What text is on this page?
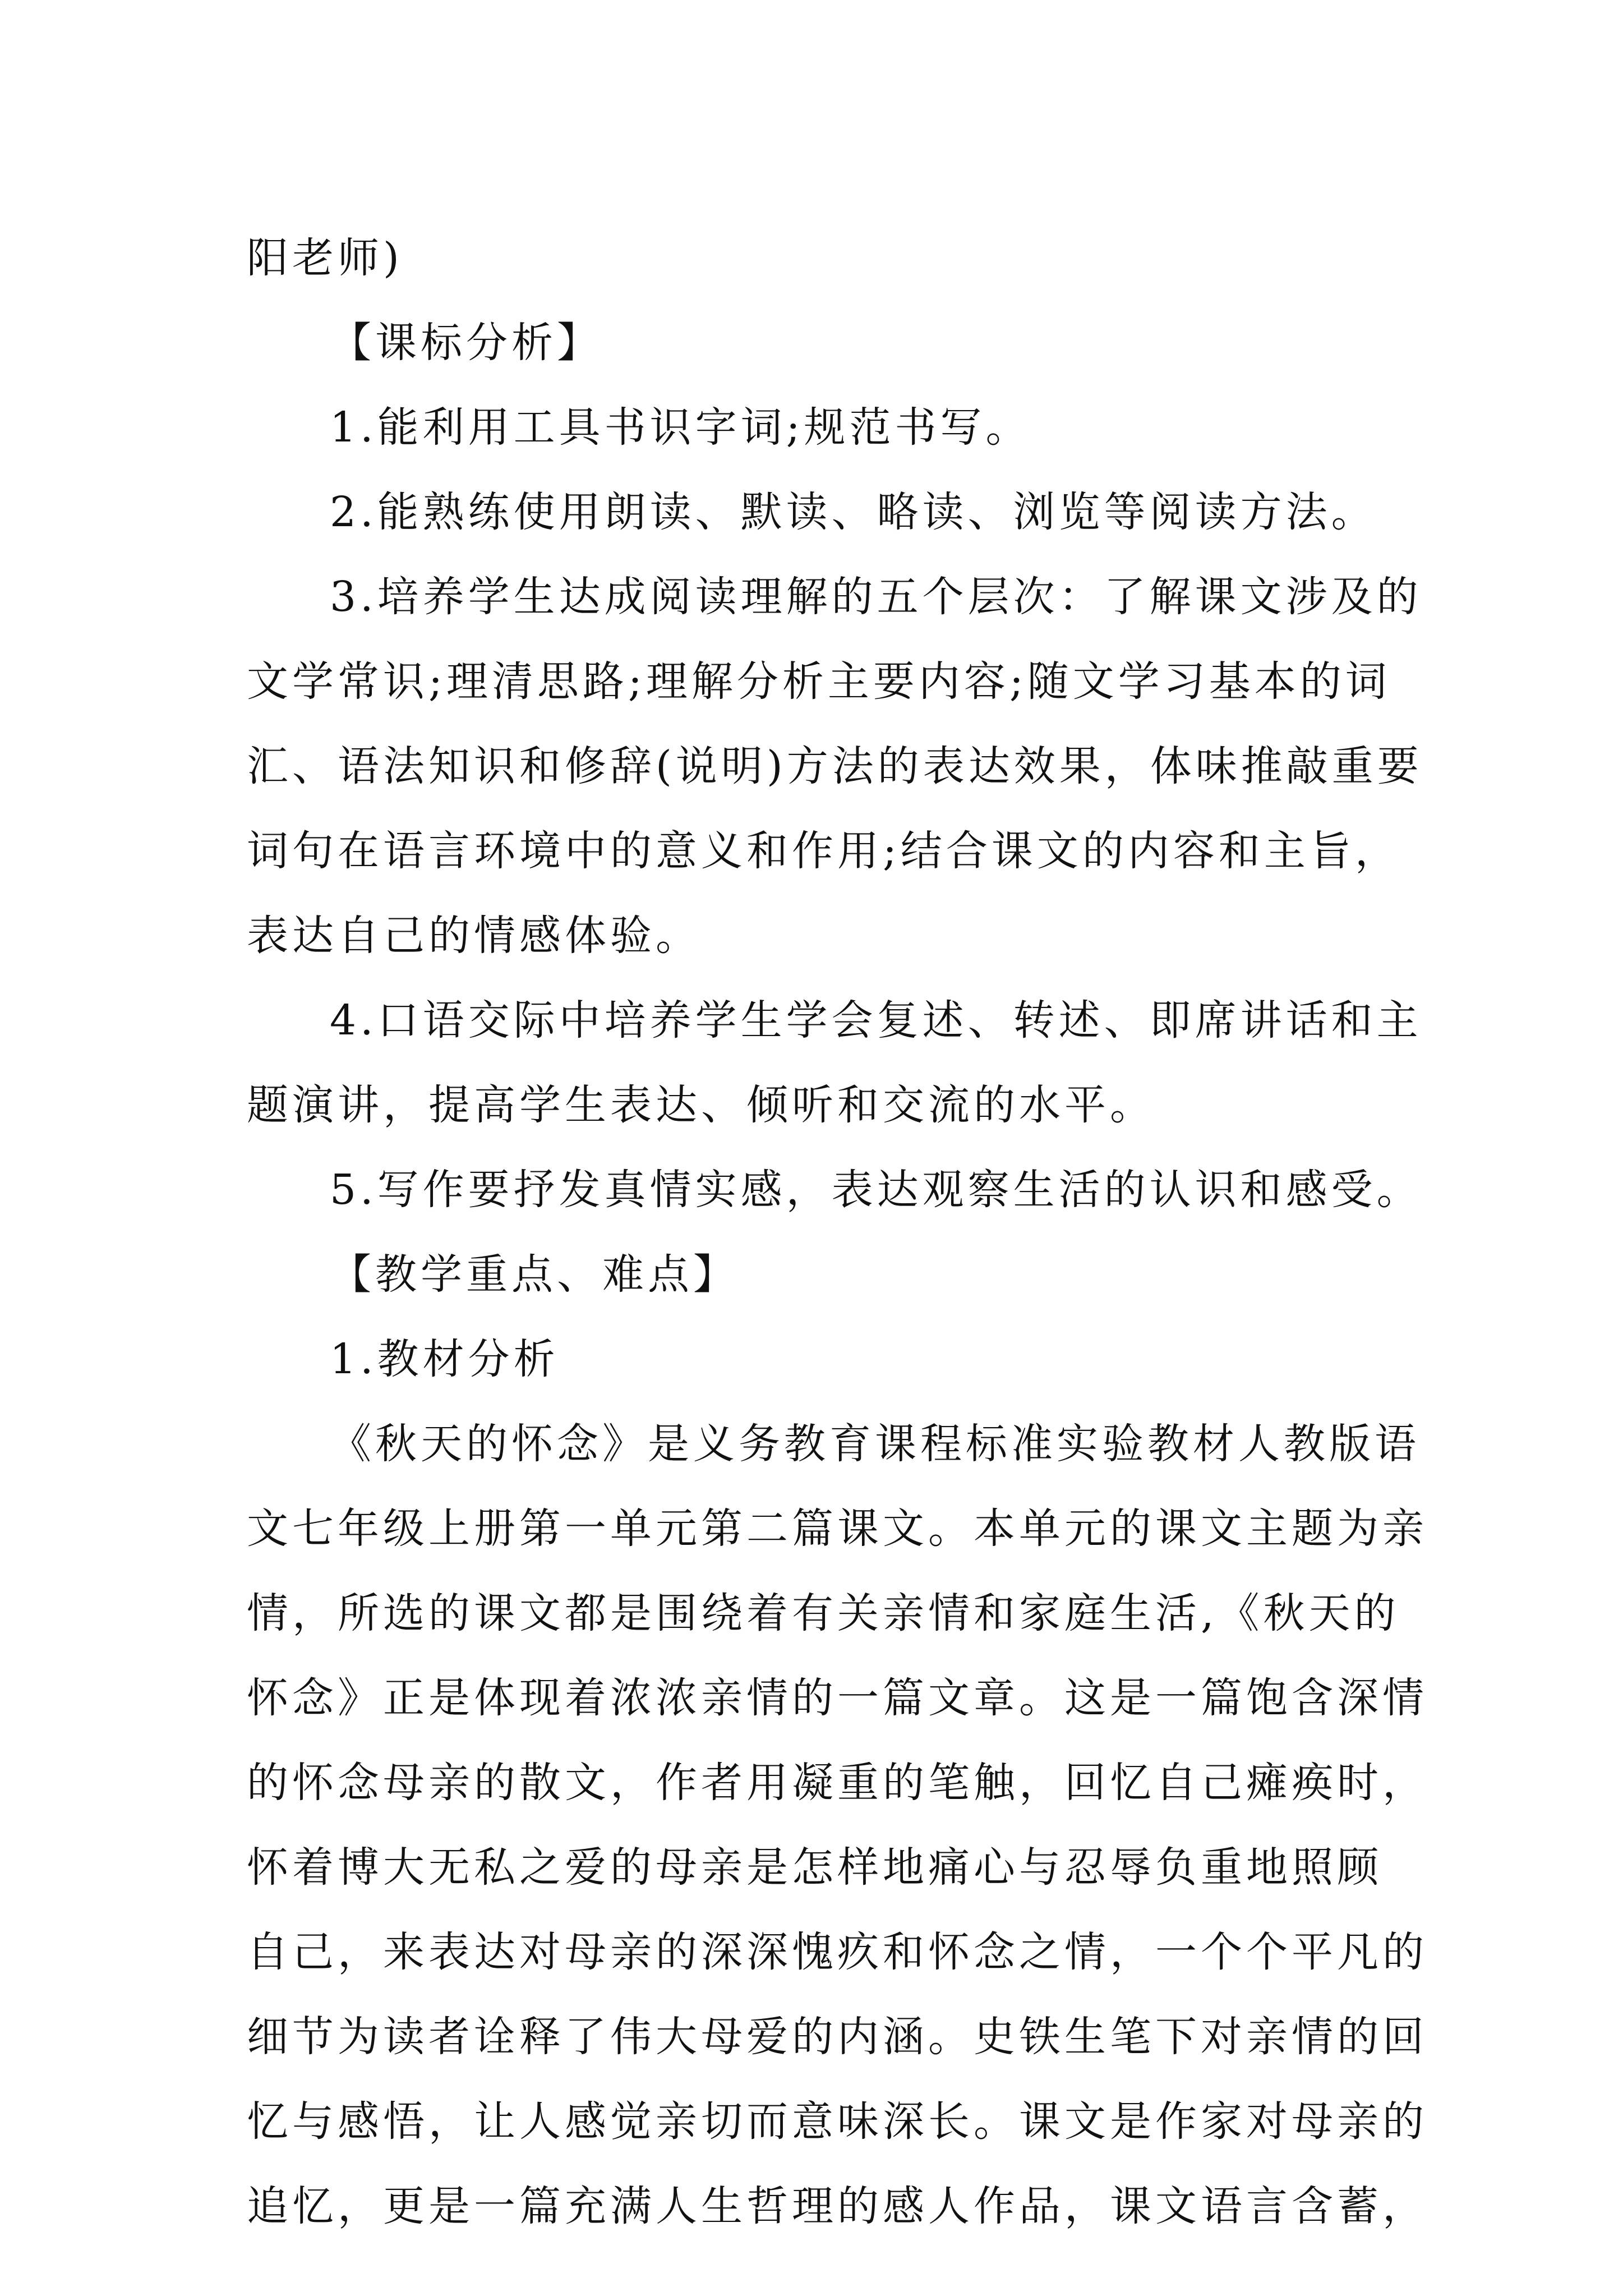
阳老师)
【课标分析】
1.能利用工具书识字词;规范书写。
2.能熟练使用朗读、默读、略读、浏览等阅读方法。
3.培养学生达成阅读理解的五个层次：了解课文涉及的
文学常识;理清思路;理解分析主要内容;随文学习基本的词
汇、语法知识和修辞(说明)方法的表达效果，体味推敲重要
词句在语言环境中的意义和作用;结合课文的内容和主旨，
表达自己的情感体验。
4.口语交际中培养学生学会复述、转述、即席讲话和主
题演讲，提高学生表达、倾听和交流的水平。
5.写作要抒发真情实感，表达观察生活的认识和感受。
【教学重点、难点】
1.教材分析
《秋天的怀念》是义务教育课程标准实验教材人教版语
文七年级上册第一单元第二篇课文。本单元的课文主题为亲
情，所选的课文都是围绕着有关亲情和家庭生活,《秋天的
怀念》正是体现着浓浓亲情的一篇文章。这是一篇饱含深情
的怀念母亲的散文，作者用凝重的笔触，回忆自己瘫痪时，
怀着博大无私之爱的母亲是怎样地痛心与忍辱负重地照顾
自己，来表达对母亲的深深愧疚和怀念之情，一个个平凡的
细节为读者诠释了伟大母爱的内涵。史铁生笔下对亲情的回
忆与感悟，让人感觉亲切而意味深长。课文是作家对母亲的
追忆，更是一篇充满人生哲理的感人作品，课文语言含蓄，
